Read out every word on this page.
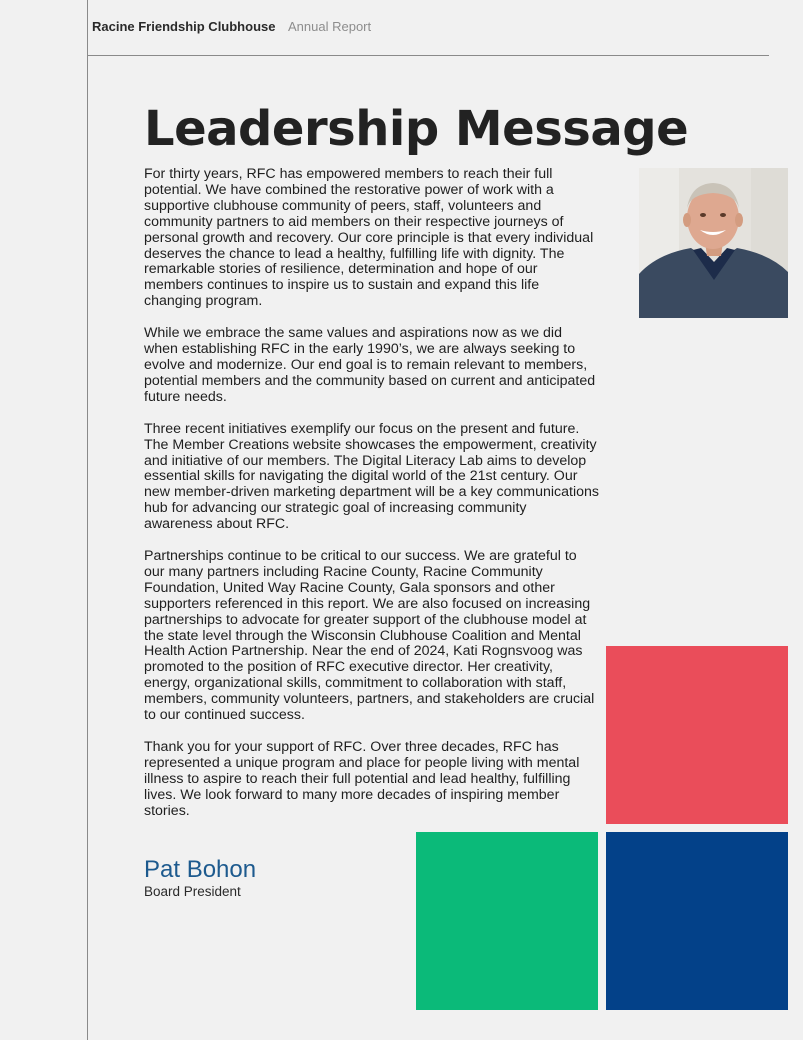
Racine Friendship Clubhouse Annual Report
Leadership Message

For thirty years, RFC has empowered members to reach their full potential. We have combined the restorative power of work with a supportive clubhouse community of peers, staff, volunteers and community partners to aid members on their respective journeys of personal growth and recovery. Our core principle is that every individual deserves the chance to lead a healthy, fulfilling life with dignity. The remarkable stories of resilience, determination and hope of our members continues to inspire us to sustain and expand this life changing program.

While we embrace the same values and aspirations now as we did when establishing RFC in the early 1990’s, we are always seeking to evolve and modernize. Our end goal is to remain relevant to members, potential members and the community based on current and anticipated future needs.

Three recent initiatives exemplify our focus on the present and future. The Member Creations website showcases the empowerment, creativity and initiative of our members. The Digital Literacy Lab aims to develop essential skills for navigating the digital world of the 21st century. Our new member-driven marketing department will be a key communications hub for advancing our strategic goal of increasing community awareness about RFC.

Partnerships continue to be critical to our success. We are grateful to our many partners including Racine County, Racine Community Foundation, United Way Racine County, Gala sponsors and other supporters referenced in this report. We are also focused on increasing partnerships to advocate for greater support of the clubhouse model at the state level through the Wisconsin Clubhouse Coalition and Mental Health Action Partnership. Near the end of 2024, Kati Rognsvoog was promoted to the position of RFC executive director. Her creativity, energy, organizational skills, commitment to collaboration with staff, members, community volunteers, partners, and stakeholders are crucial to our continued success.

Thank you for your support of RFC. Over three decades, RFC has represented a unique program and place for people living with mental illness to aspire to reach their full potential and lead healthy, fulfilling lives. We look forward to many more decades of inspiring member stories.

Pat Bohon
Board President
